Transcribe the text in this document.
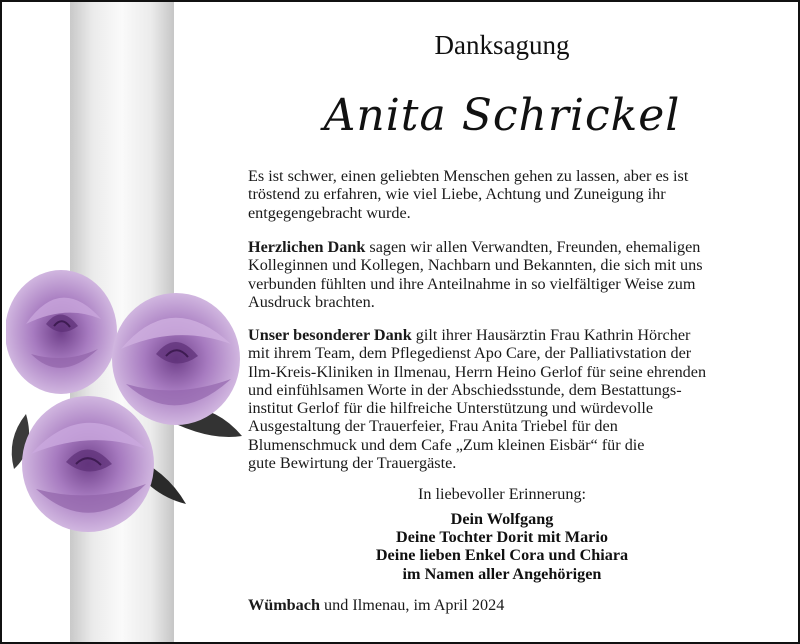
Danksagung
Anita Schrickel
Es ist schwer, einen geliebten Menschen gehen zu lassen, aber es ist
tröstend zu erfahren, wie viel Liebe, Achtung und Zuneigung ihr
entgegengebracht wurde.
Herzlichen Dank sagen wir allen Verwandten, Freunden, ehemaligen
Kolleginnen und Kollegen, Nachbarn und Bekannten, die sich mit uns
verbunden fühlten und ihre Anteilnahme in so vielfältiger Weise zum
Ausdruck brachten.
Unser besonderer Dank gilt ihrer Hausärztin Frau Kathrin Hörcher
mit ihrem Team, dem Pflegedienst Apo Care, der Palliativstation der
Ilm-Kreis-Kliniken in Ilmenau, Herrn Heino Gerlof für seine ehrenden
und einfühlsamen Worte in der Abschiedsstunde, dem Bestattungs-
institut Gerlof für die hilfreiche Unterstützung und würdevolle
Ausgestaltung der Trauerfeier, Frau Anita Triebel für den
Blumenschmuck und dem Cafe „Zum kleinen Eisbär“ für die
gute Bewirtung der Trauergäste.
In liebevoller Erinnerung:
Dein Wolfgang
Deine Tochter Dorit mit Mario
Deine lieben Enkel Cora und Chiara
im Namen aller Angehörigen
Wümbach und Ilmenau, im April 2024
